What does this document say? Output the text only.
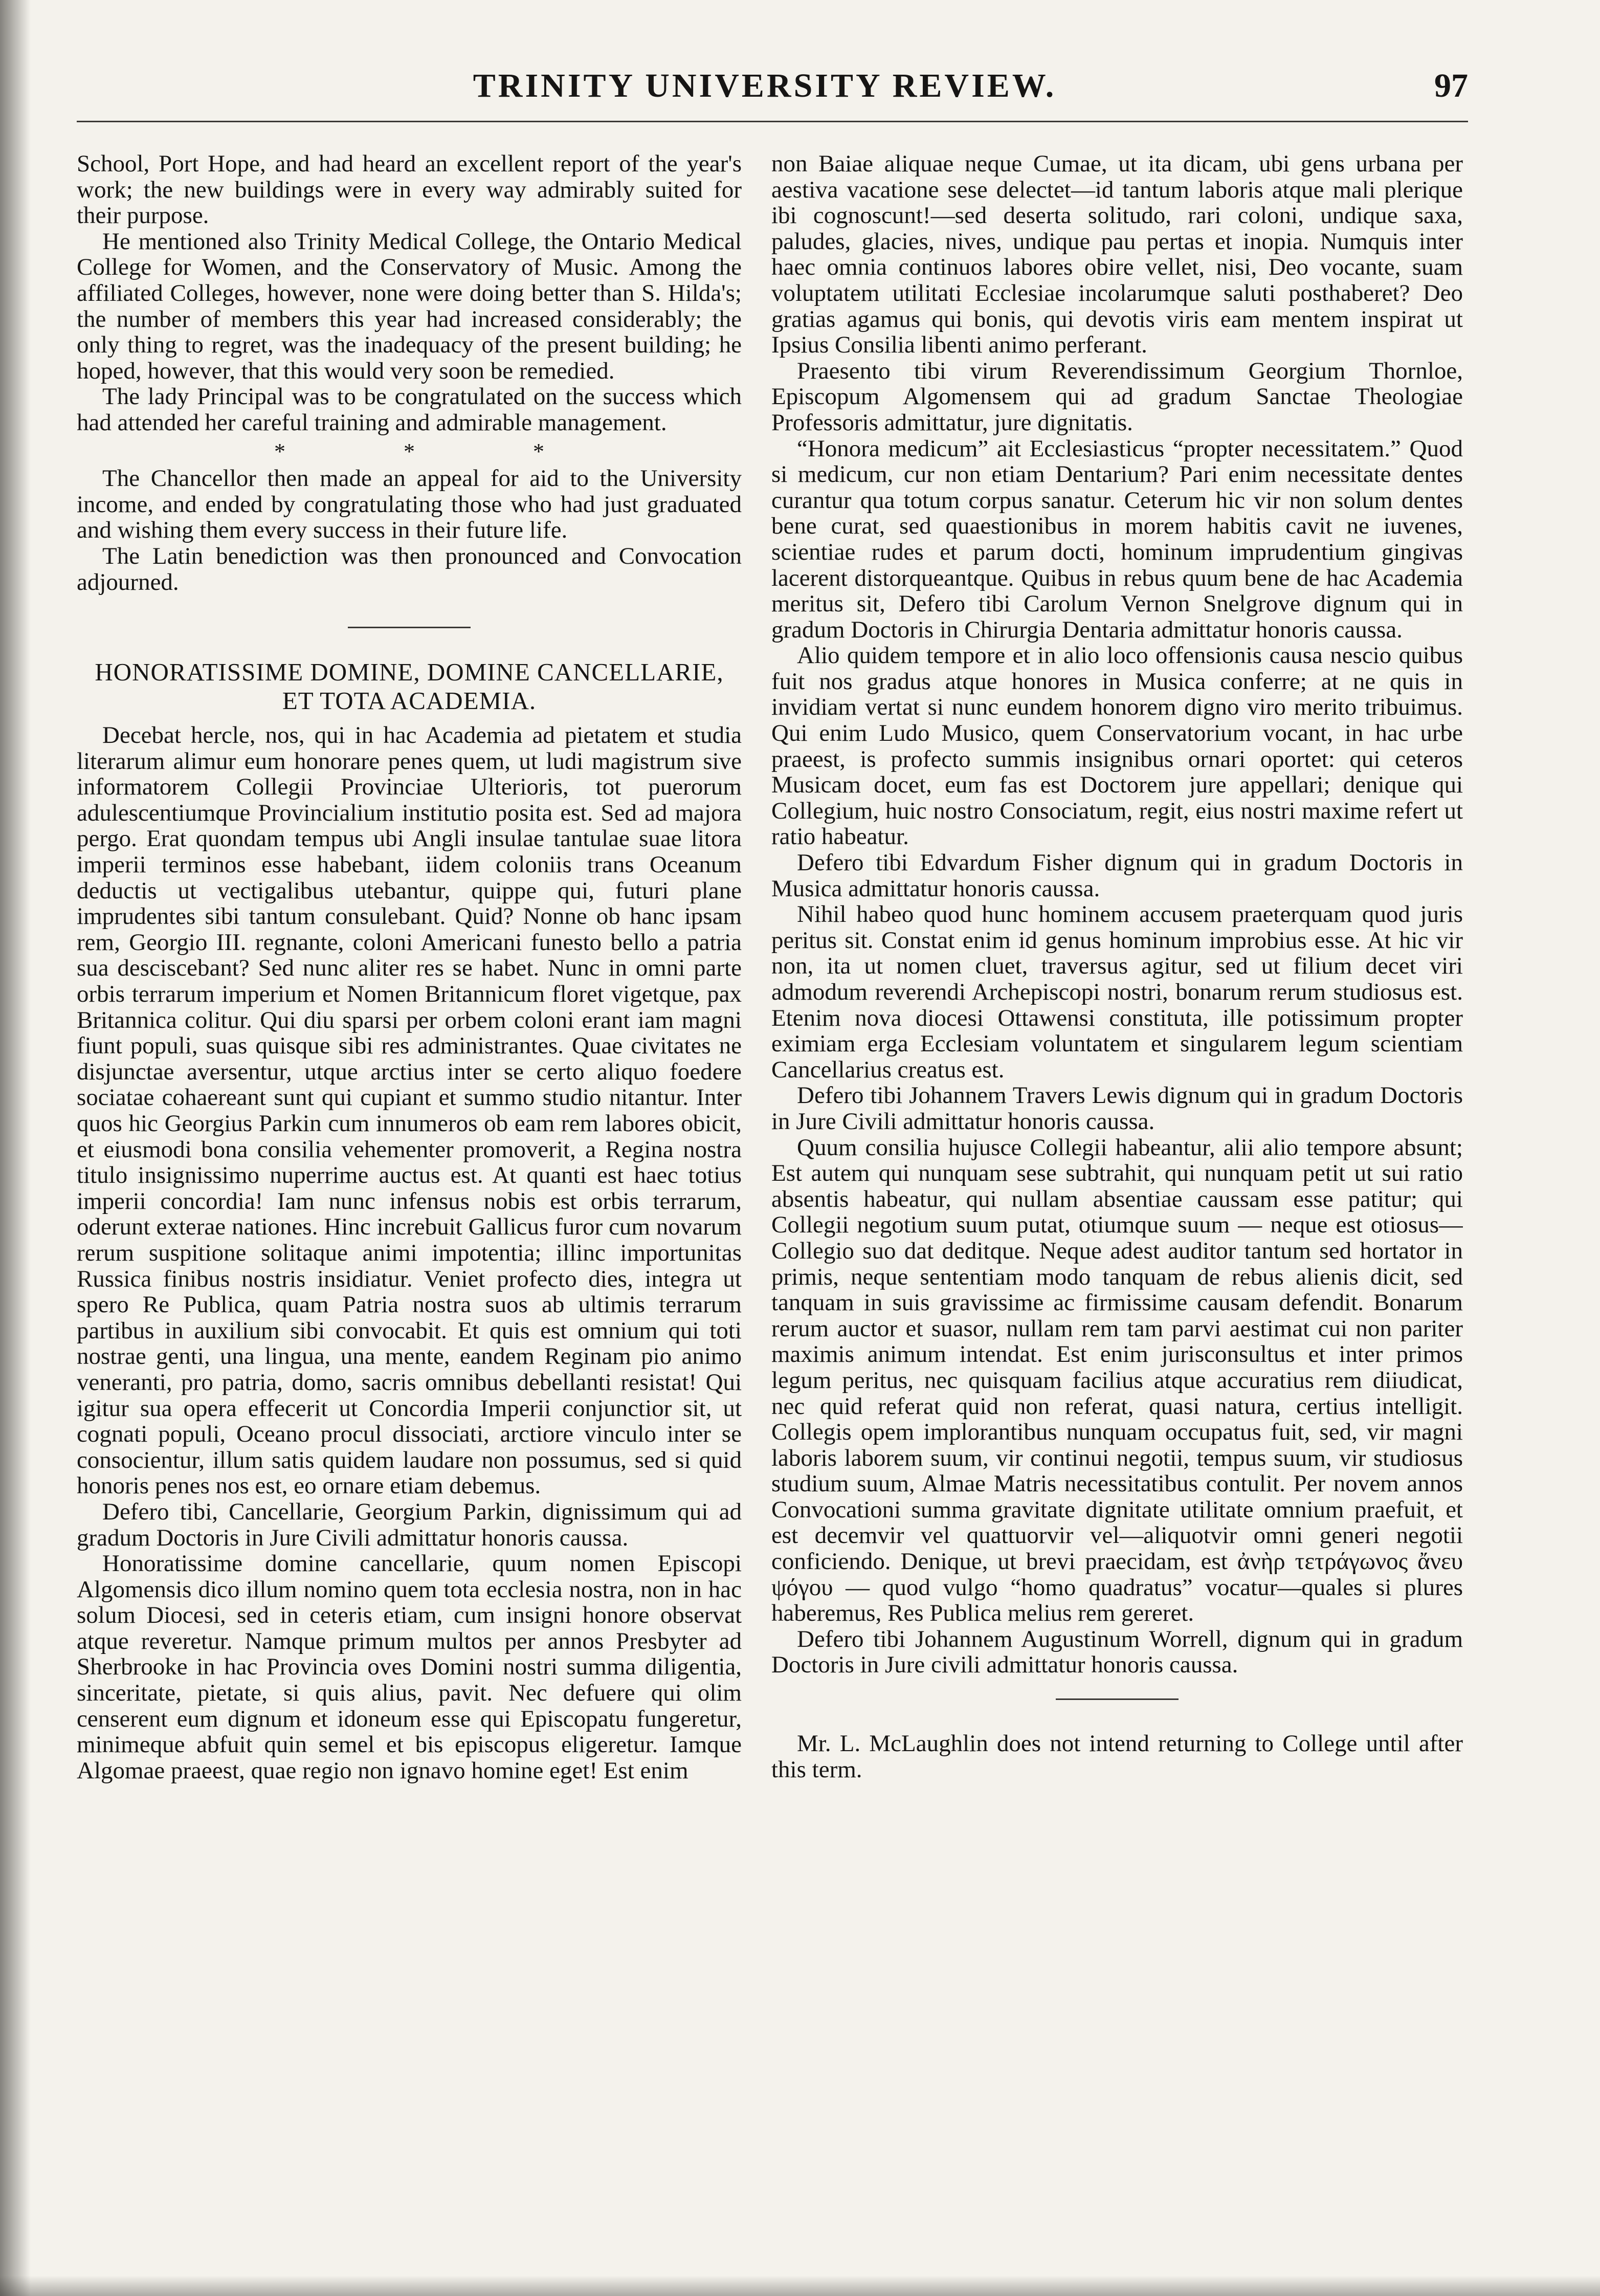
TRINITY UNIVERSITY REVIEW.	97

School, Port Hope, and had heard an excellent report of the year's work; the new buildings were in every way admirably suited for their purpose.

He mentioned also Trinity Medical College, the Ontario Medical College for Women, and the Conservatory of Music. Among the affiliated Colleges, however, none were doing better than S. Hilda's; the number of members this year had increased considerably; the only thing to regret, was the inadequacy of the present building; he hoped, however, that this would very soon be remedied.

The lady Principal was to be congratulated on the success which had attended her careful training and admirable management.

* * *

The Chancellor then made an appeal for aid to the University income, and ended by congratulating those who had just graduated and wishing them every success in their future life.

The Latin benediction was then pronounced and Convocation adjourned.

HONORATISSIME DOMINE, DOMINE CANCELLARIE, ET TOTA ACADEMIA.

Decebat hercle, nos, qui in hac Academia ad pietatem et studia literarum alimur eum honorare penes quem, ut ludi magistrum sive informatorem Collegii Provinciae Ulterioris, tot puerorum adulescentiumque Provincialium institutio posita est. Sed ad majora pergo. Erat quondam tempus ubi Angli insulae tantulae suae litora imperii terminos esse habebant, iidem coloniis trans Oceanum deductis ut vectigalibus utebantur, quippe qui, futuri plane imprudentes sibi tantum consulebant. Quid? Nonne ob hanc ipsam rem, Georgio III. regnante, coloni Americani funesto bello a patria sua desciscebant? Sed nunc aliter res se habet. Nunc in omni parte orbis terrarum imperium et Nomen Britannicum floret vigetque, pax Britannica colitur. Qui diu sparsi per orbem coloni erant iam magni fiunt populi, suas quisque sibi res administrantes. Quae civitates ne disjunctae aversentur, utque arctius inter se certo aliquo foedere sociatae cohaereant sunt qui cupiant et summo studio nitantur. Inter quos hic Georgius Parkin cum innumeros ob eam rem labores obicit, et eiusmodi bona consilia vehementer promoverit, a Regina nostra titulo insignissimo nuperrime auctus est. At quanti est haec totius imperii concordia! Iam nunc infensus nobis est orbis terrarum, oderunt exterae nationes. Hinc increbuit Gallicus furor cum novarum rerum suspitione solitaque animi impotentia; illinc importunitas Russica finibus nostris insidiatur. Veniet profecto dies, integra ut spero Re Publica, quam Patria nostra suos ab ultimis terrarum partibus in auxilium sibi convocabit. Et quis est omnium qui toti nostrae genti, una lingua, una mente, eandem Reginam pio animo veneranti, pro patria, domo, sacris omnibus debellanti resistat! Qui igitur sua opera effecerit ut Concordia Imperii conjunctior sit, ut cognati populi, Oceano procul dissociati, arctiore vinculo inter se consocientur, illum satis quidem laudare non possumus, sed si quid honoris penes nos est, eo ornare etiam debemus.

Defero tibi, Cancellarie, Georgium Parkin, dignissimum qui ad gradum Doctoris in Jure Civili admittatur honoris caussa.

Honoratissime domine cancellarie, quum nomen Episcopi Algomensis dico illum nomino quem tota ecclesia nostra, non in hac solum Diocesi, sed in ceteris etiam, cum insigni honore observat atque reveretur. Namque primum multos per annos Presbyter ad Sherbrooke in hac Provincia oves Domini nostri summa diligentia, sinceritate, pietate, si quis alius, pavit. Nec defuere qui olim censerent eum dignum et idoneum esse qui Episcopatu fungeretur, minimeque abfuit quin semel et bis episcopus eligeretur. Iamque Algomae praeest, quae regio non ignavo homine eget! Est enim

non Baiae aliquae neque Cumae, ut ita dicam, ubi gens urbana per aestiva vacatione sese delectet—id tantum laboris atque mali plerique ibi cognoscunt!—sed deserta solitudo, rari coloni, undique saxa, paludes, glacies, nives, undique pau pertas et inopia. Numquis inter haec omnia continuos labores obire vellet, nisi, Deo vocante, suam voluptatem utilitati Ecclesiae incolarumque saluti posthaberet? Deo gratias agamus qui bonis, qui devotis viris eam mentem inspirat ut Ipsius Consilia libenti animo perferant.

Praesento tibi virum Reverendissimum Georgium Thornloe, Episcopum Algomensem qui ad gradum Sanctae Theologiae Professoris admittatur, jure dignitatis.

“Honora medicum” ait Ecclesiasticus “propter necessitatem.” Quod si medicum, cur non etiam Dentarium? Pari enim necessitate dentes curantur qua totum corpus sanatur. Ceterum hic vir non solum dentes bene curat, sed quaestionibus in morem habitis cavit ne iuvenes, scientiae rudes et parum docti, hominum imprudentium gingivas lacerent distorqueantque. Quibus in rebus quum bene de hac Academia meritus sit, Defero tibi Carolum Vernon Snelgrove dignum qui in gradum Doctoris in Chirurgia Dentaria admittatur honoris caussa.

Alio quidem tempore et in alio loco offensionis causa nescio quibus fuit nos gradus atque honores in Musica conferre; at ne quis in invidiam vertat si nunc eundem honorem digno viro merito tribuimus. Qui enim Ludo Musico, quem Conservatorium vocant, in hac urbe praeest, is profecto summis insignibus ornari oportet: qui ceteros Musicam docet, eum fas est Doctorem jure appellari; denique qui Collegium, huic nostro Consociatum, regit, eius nostri maxime refert ut ratio habeatur.

Defero tibi Edvardum Fisher dignum qui in gradum Doctoris in Musica admittatur honoris caussa.

Nihil habeo quod hunc hominem accusem praeterquam quod juris peritus sit. Constat enim id genus hominum improbius esse. At hic vir non, ita ut nomen cluet, traversus agitur, sed ut filium decet viri admodum reverendi Archepiscopi nostri, bonarum rerum studiosus est. Etenim nova diocesi Ottawensi constituta, ille potissimum propter eximiam erga Ecclesiam voluntatem et singularem legum scientiam Cancellarius creatus est.

Defero tibi Johannem Travers Lewis dignum qui in gradum Doctoris in Jure Civili admittatur honoris caussa.

Quum consilia hujusce Collegii habeantur, alii alio tempore absunt; Est autem qui nunquam sese subtrahit, qui nunquam petit ut sui ratio absentis habeatur, qui nullam absentiae caussam esse patitur; qui Collegii negotium suum putat, otiumque suum — neque est otiosus—Collegio suo dat deditque. Neque adest auditor tantum sed hortator in primis, neque sententiam modo tanquam de rebus alienis dicit, sed tanquam in suis gravissime ac firmissime causam defendit. Bonarum rerum auctor et suasor, nullam rem tam parvi aestimat cui non pariter maximis animum intendat. Est enim jurisconsultus et inter primos legum peritus, nec quisquam facilius atque accuratius rem diiudicat, nec quid referat quid non referat, quasi natura, certius intelligit. Collegis opem implorantibus nunquam occupatus fuit, sed, vir magni laboris laborem suum, vir continui negotii, tempus suum, vir studiosus studium suum, Almae Matris necessitatibus contulit. Per novem annos Convocationi summa gravitate dignitate utilitate omnium praefuit, et est decemvir vel quattuorvir vel—aliquotvir omni generi negotii conficiendo. Denique, ut brevi praecidam, est ἀνὴρ τετράγωνος ἄνευ ψόγου — quod vulgo “homo quadratus” vocatur—quales si plures haberemus, Res Publica melius rem gereret.

Defero tibi Johannem Augustinum Worrell, dignum qui in gradum Doctoris in Jure civili admittatur honoris caussa.

Mr. L. McLaughlin does not intend returning to College until after this term.
